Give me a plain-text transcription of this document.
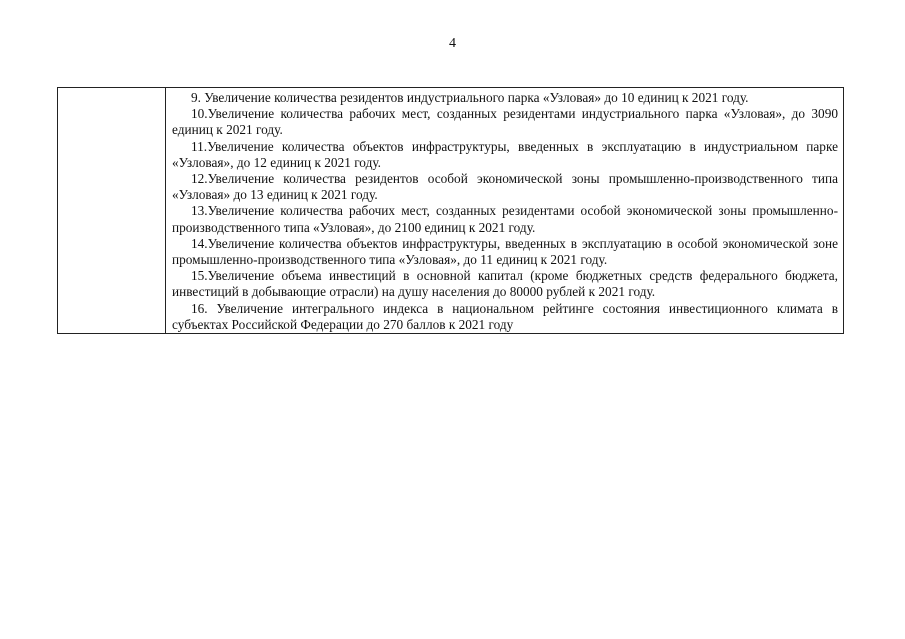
4

9. Увеличение количества резидентов индустриального парка «Узловая» до 10 единиц к 2021 году.

10.Увеличение количества рабочих мест, созданных резидентами индустриального парка «Узловая», до 3090 единиц к 2021 году.

11.Увеличение количества объектов инфраструктуры, введенных в эксплуатацию в индустриальном парке «Узловая», до 12 единиц к 2021 году.

12.Увеличение количества резидентов особой экономической зоны промышленно-производственного типа «Узловая» до 13 единиц к 2021 году.

13.Увеличение количества рабочих мест, созданных резидентами особой экономической зоны промышленно-производственного типа «Узловая», до 2100 единиц к 2021 году.

14.Увеличение количества объектов инфраструктуры, введенных в эксплуатацию в особой экономической зоне промышленно-производственного типа «Узловая», до 11 единиц к 2021 году.

15.Увеличение объема инвестиций в основной капитал (кроме бюджетных средств федерального бюджета, инвестиций в добывающие отрасли) на душу населения до 80000 рублей к 2021 году.

16. Увеличение интегрального индекса в национальном рейтинге состояния инвестиционного климата в субъектах Российской Федерации до 270 баллов к 2021 году
